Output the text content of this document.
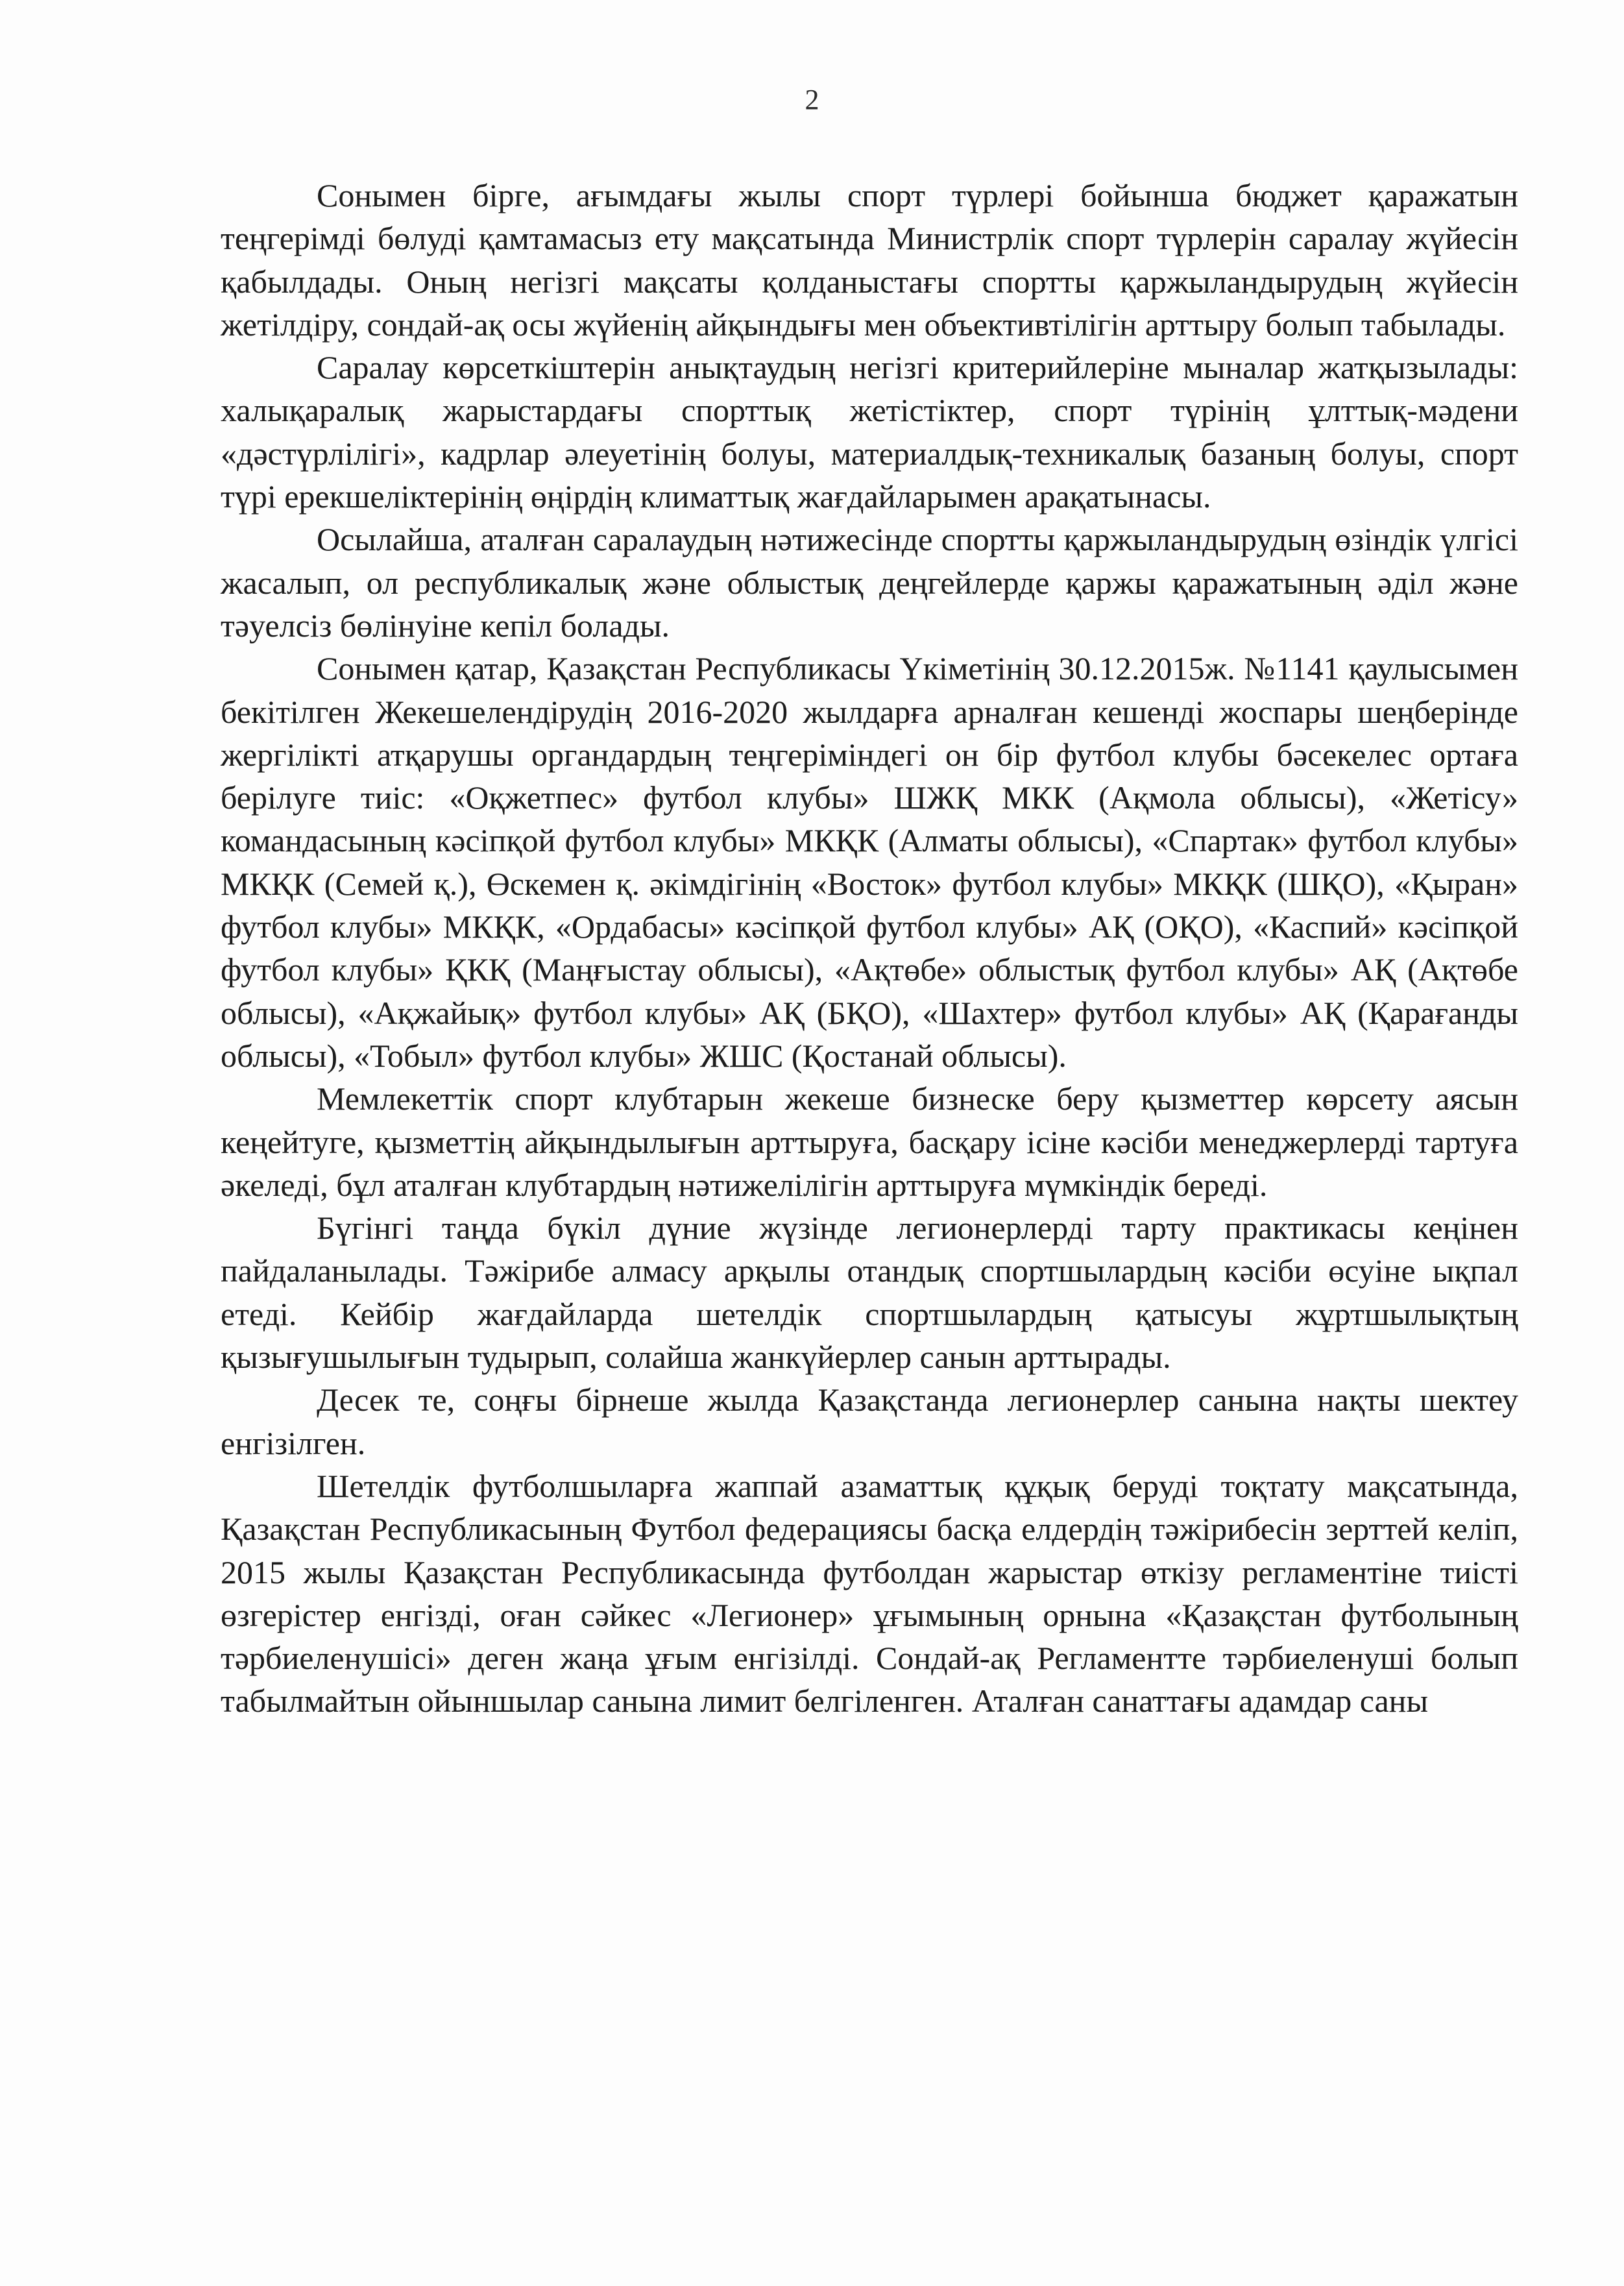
2

Сонымен бірге, ағымдағы жылы спорт түрлері бойынша бюджет қаражатын теңгерімді бөлуді қамтамасыз ету мақсатында Министрлік спорт түрлерін саралау жүйесін қабылдады. Оның негізгі мақсаты қолданыстағы спортты қаржыландырудың жүйесін жетілдіру, сондай-ақ осы жүйенің айқындығы мен объективтілігін арттыру болып табылады.

Саралау көрсеткіштерін анықтаудың негізгі критерийлеріне мыналар жатқызылады: халықаралық жарыстардағы спорттық жетістіктер, спорт түрінің ұлттық-мәдени «дәстүрлілігі», кадрлар әлеуетінің болуы, материалдық-техникалық базаның болуы, спорт түрі ерекшеліктерінің өңірдің климаттық жағдайларымен арақатынасы.

Осылайша, аталған саралаудың нәтижесінде спортты қаржыландырудың өзіндік үлгісі жасалып, ол республикалық және облыстық деңгейлерде қаржы қаражатының әділ және тәуелсіз бөлінуіне кепіл болады.

Сонымен қатар, Қазақстан Республикасы Үкіметінің 30.12.2015ж. №1141 қаулысымен бекітілген Жекешелендірудің 2016-2020 жылдарға арналған кешенді жоспары шеңберінде жергілікті атқарушы органдардың теңгеріміндегі он бір футбол клубы бәсекелес ортаға берілуге тиіс: «Оқжетпес» футбол клубы» ШЖҚ МКК (Ақмола облысы), «Жетісу» командасының кәсіпқой футбол клубы» МКҚК (Алматы облысы), «Спартак» футбол клубы» МКҚК (Семей қ.), Өскемен қ. әкімдігінің «Восток» футбол клубы» МКҚК (ШҚО), «Қыран» футбол клубы» МКҚК, «Ордабасы» кәсіпқой футбол клубы» АҚ (ОҚО), «Каспий» кәсіпқой футбол клубы» ҚКҚ (Маңғыстау облысы), «Ақтөбе» облыстық футбол клубы» АҚ (Ақтөбе облысы), «Ақжайық» футбол клубы» АҚ (БҚО), «Шахтер» футбол клубы» АҚ (Қарағанды облысы), «Тобыл» футбол клубы» ЖШС (Қостанай облысы).

Мемлекеттік спорт клубтарын жекеше бизнеске беру қызметтер көрсету аясын кеңейтуге, қызметтің айқындылығын арттыруға, басқару ісіне кәсіби менеджерлерді тартуға әкеледі, бұл аталған клубтардың нәтижелілігін арттыруға мүмкіндік береді.

Бүгінгі таңда бүкіл дүние жүзінде легионерлерді тарту практикасы кеңінен пайдаланылады. Тәжірибе алмасу арқылы отандық спортшылардың кәсіби өсуіне ықпал етеді. Кейбір жағдайларда шетелдік спортшылардың қатысуы жұртшылықтың қызығушылығын тудырып, солайша жанкүйерлер санын арттырады.

Десек те, соңғы бірнеше жылда Қазақстанда легионерлер санына нақты шектеу енгізілген.

Шетелдік футболшыларға жаппай азаматтық құқық беруді тоқтату мақсатында, Қазақстан Республикасының Футбол федерациясы басқа елдердің тәжірибесін зерттей келіп, 2015 жылы Қазақстан Республикасында футболдан жарыстар өткізу регламентіне тиісті өзгерістер енгізді, оған сәйкес «Легионер» ұғымының орнына «Қазақстан футболының тәрбиеленушісі» деген жаңа ұғым енгізілді. Сондай-ақ Регламентте тәрбиеленуші болып табылмайтын ойыншылар санына лимит белгіленген. Аталған санаттағы адамдар саны
